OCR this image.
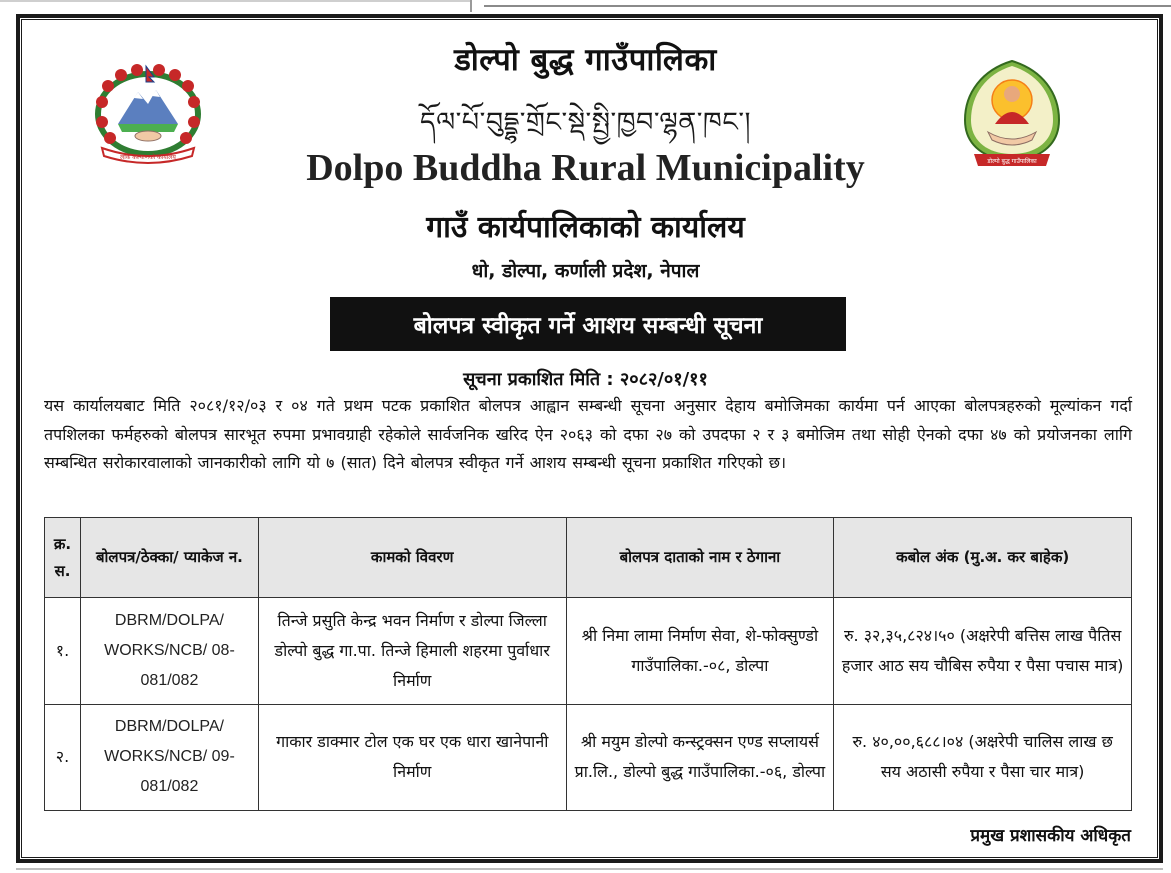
लोक कल्याणको कार्यालय
डोल्पो बुद्ध गाउँपालिका
डोल्पो बुद्ध गाउँपालिका
དོལ་པོ་བུདྡྷ་གྲོང་སྡེ་སྤྱི་ཁྱབ་ལྷན་ཁང་།
Dolpo Buddha Rural Municipality
गाउँ कार्यपालिकाको कार्यालय
धो, डोल्पा, कर्णाली प्रदेश, नेपाल
बोलपत्र स्वीकृत गर्ने आशय सम्बन्धी सूचना
सूचना प्रकाशित मिति : २०८२/०१/११
यस कार्यालयबाट मिति २०८१/१२/०३ र ०४ गते प्रथम पटक प्रकाशित बोलपत्र आह्वान सम्बन्धी सूचना अनुसार देहाय बमोजिमका कार्यमा पर्न आएका बोलपत्रहरुको मूल्यांकन गर्दा तपशिलका फर्महरुको बोलपत्र सारभूत रुपमा प्रभावग्राही रहेकोले सार्वजनिक खरिद ऐन २०६३ को दफा २७ को उपदफा २ र ३ बमोजिम तथा सोही ऐनको दफा ४७ को प्रयोजनका लागि सम्बन्धित सरोकारवालाको जानकारीको लागि यो ७ (सात) दिने बोलपत्र स्वीकृत गर्ने आशय सम्बन्धी सूचना प्रकाशित गरिएको छ।
क्र. स.	बोलपत्र/ठेक्का/ प्याकेज न.	कामको विवरण	बोलपत्र दाताको नाम र ठेगाना	कबोल अंक (मु.अ. कर बाहेक)
१.	DBRM/DOLPA/ WORKS/NCB/ 08-081/082	तिन्जे प्रसुति केन्द्र भवन निर्माण र डोल्पा जिल्ला डोल्पो बुद्ध गा.पा. तिन्जे हिमाली शहरमा पुर्वाधार निर्माण	श्री निमा लामा निर्माण सेवा, शे-फोक्सुण्डो गाउँपालिका.-०८, डोल्पा	रु. ३२,३५,८२४।५० (अक्षरेपी बत्तिस लाख पैतिस हजार आठ सय चौबिस रुपैया र पैसा पचास मात्र)
२.	DBRM/DOLPA/ WORKS/NCB/ 09-081/082	गाकार डाक्मार टोल एक घर एक धारा खानेपानी निर्माण	श्री मयुम डोल्पो कन्स्ट्रक्सन एण्ड सप्लायर्स प्रा.लि., डोल्पो बुद्ध गाउँपालिका.-०६, डोल्पा	रु. ४०,००,६८८।०४ (अक्षरेपी चालिस लाख छ सय अठासी रुपैया र पैसा चार मात्र)
प्रमुख प्रशासकीय अधिकृत
